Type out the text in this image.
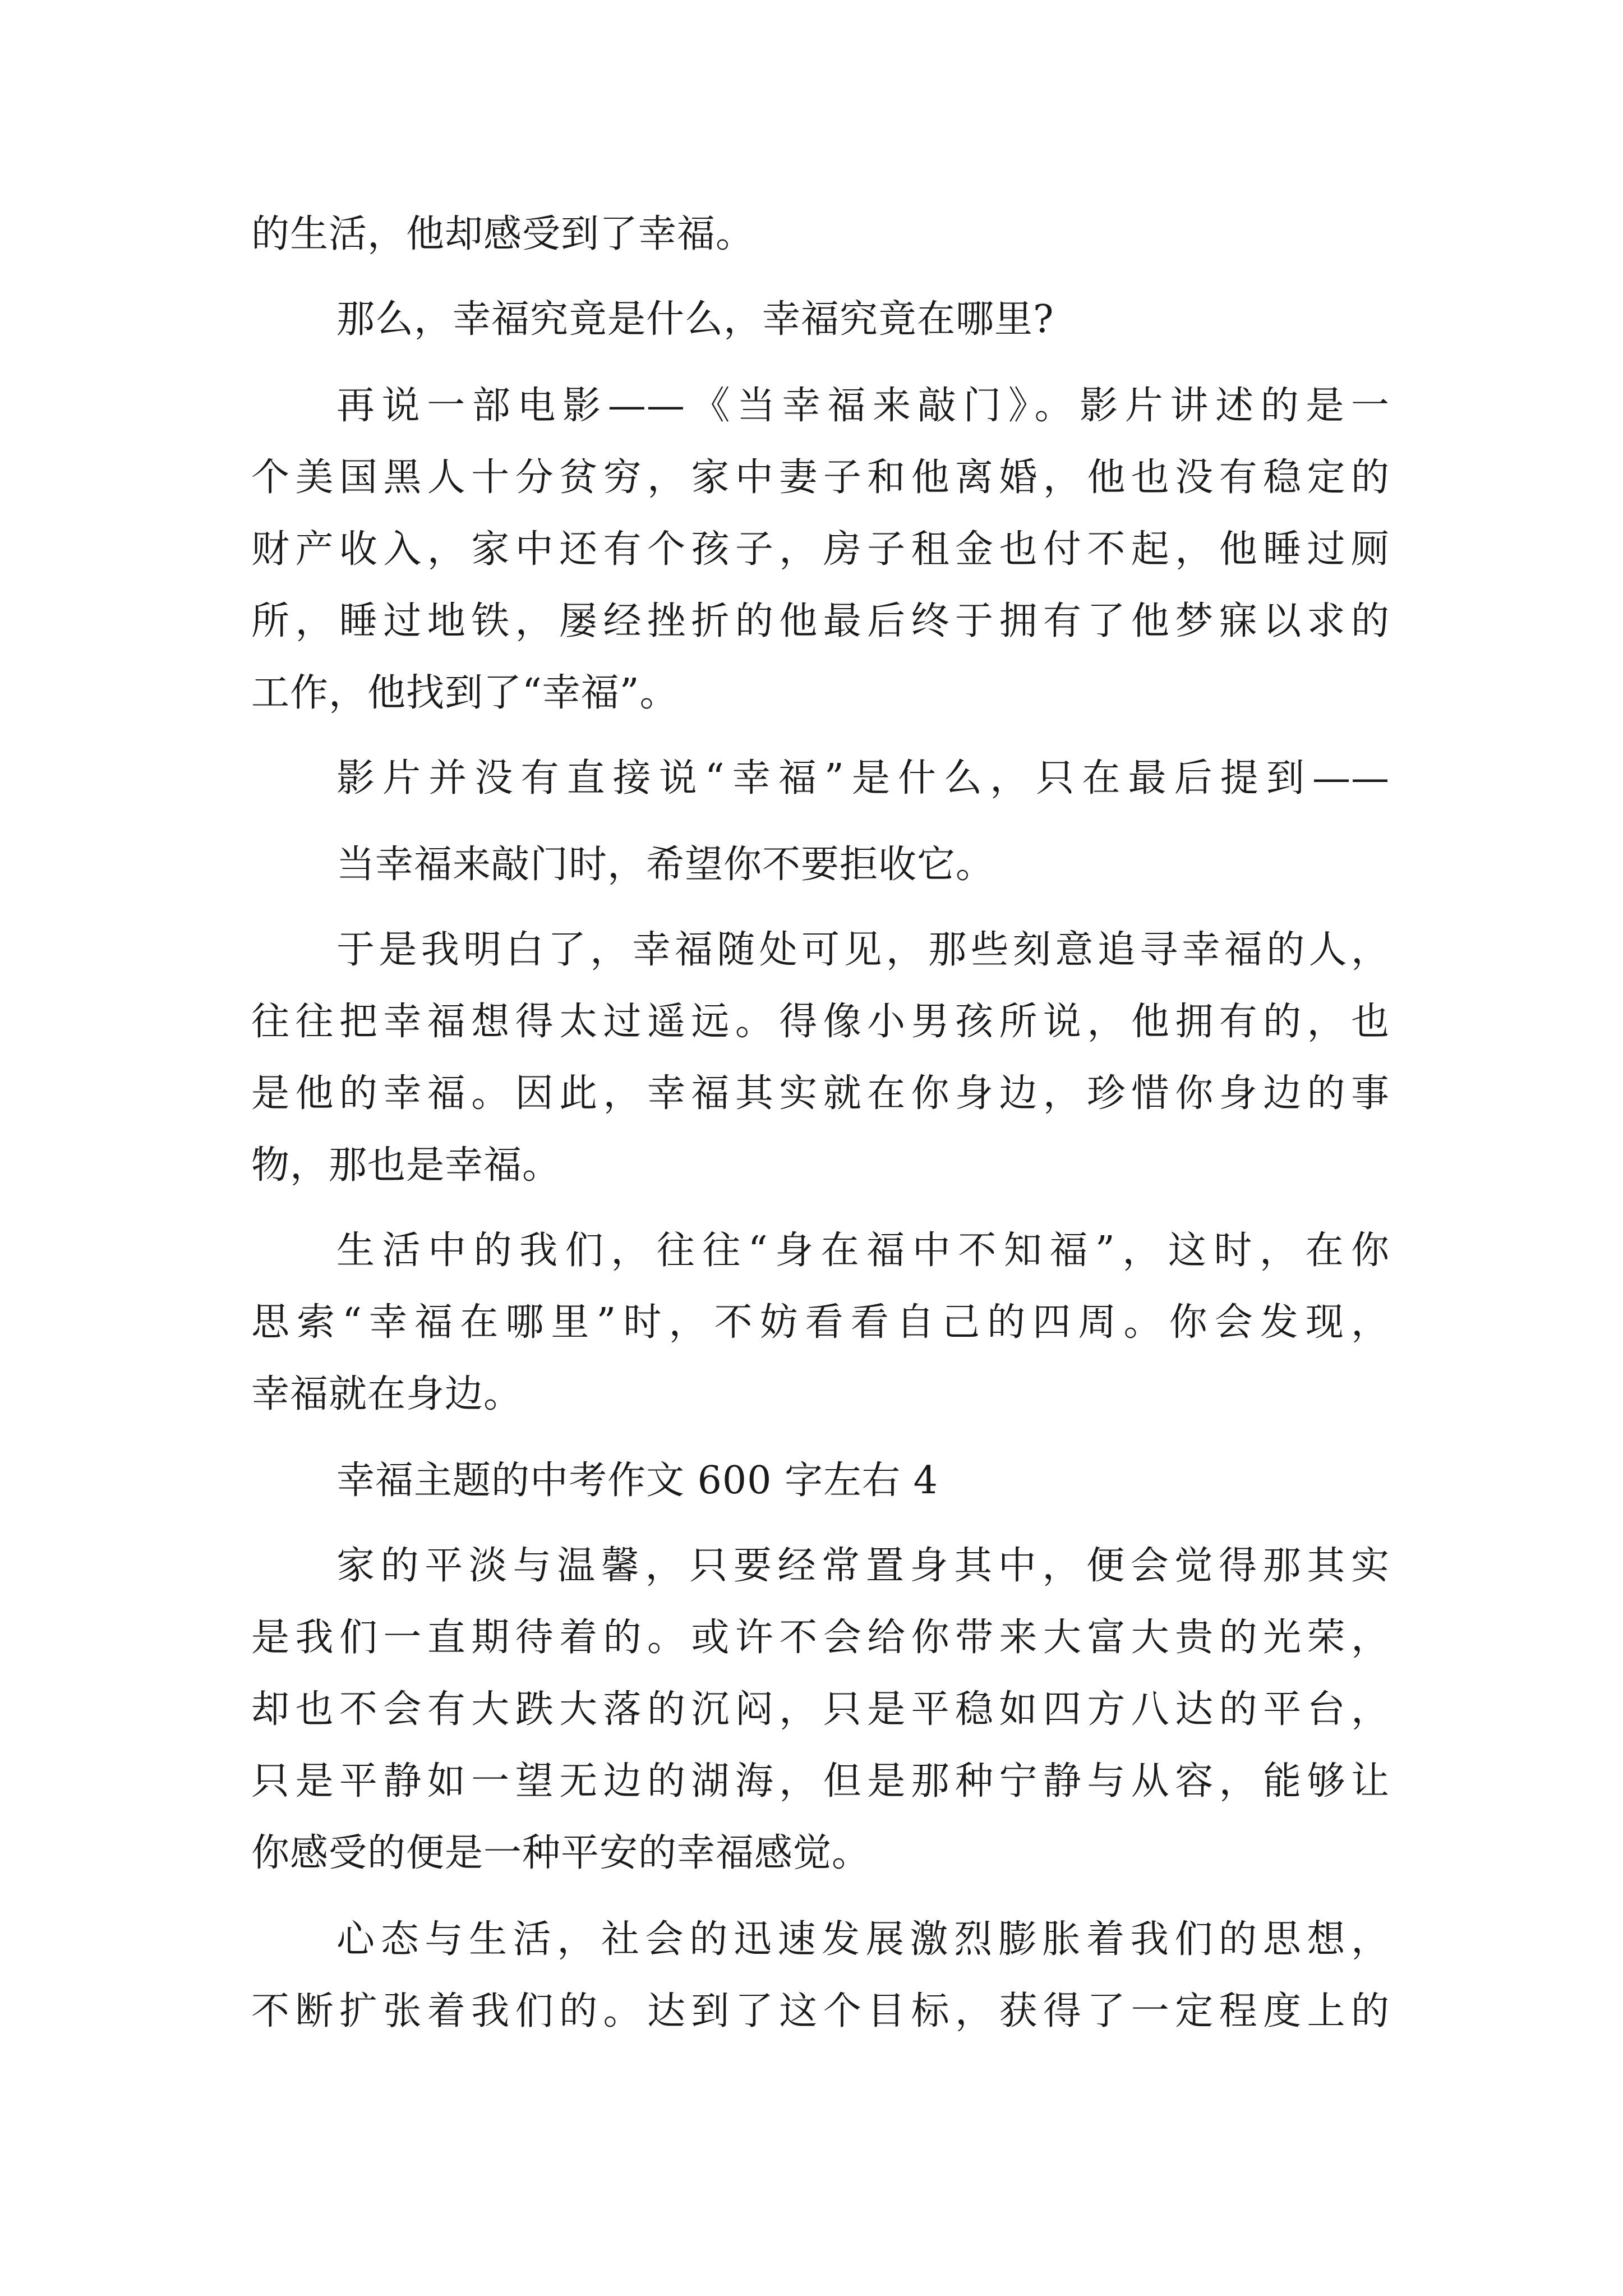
的生活，他却感受到了幸福。

那么，幸福究竟是什么，幸福究竟在哪里?

再说一部电影——《当幸福来敲门》。影片讲述的是一

个美国黑人十分贫穷，家中妻子和他离婚，他也没有稳定的

财产收入，家中还有个孩子，房子租金也付不起，他睡过厕

所，睡过地铁，屡经挫折的他最后终于拥有了他梦寐以求的

工作，他找到了“幸福”。

影片并没有直接说“幸福”是什么，只在最后提到——

当幸福来敲门时，希望你不要拒收它。

于是我明白了，幸福随处可见，那些刻意追寻幸福的人，

往往把幸福想得太过遥远。得像小男孩所说，他拥有的，也

是他的幸福。因此，幸福其实就在你身边，珍惜你身边的事

物，那也是幸福。

生活中的我们，往往“身在福中不知福”，这时，在你

思索“幸福在哪里”时，不妨看看自己的四周。你会发现，

幸福就在身边。

幸福主题的中考作文 600 字左右 4

家的平淡与温馨，只要经常置身其中，便会觉得那其实

是我们一直期待着的。或许不会给你带来大富大贵的光荣，

却也不会有大跌大落的沉闷，只是平稳如四方八达的平台，

只是平静如一望无边的湖海，但是那种宁静与从容，能够让

你感受的便是一种平安的幸福感觉。

心态与生活，社会的迅速发展激烈膨胀着我们的思想，

不断扩张着我们的。达到了这个目标，获得了一定程度上的
